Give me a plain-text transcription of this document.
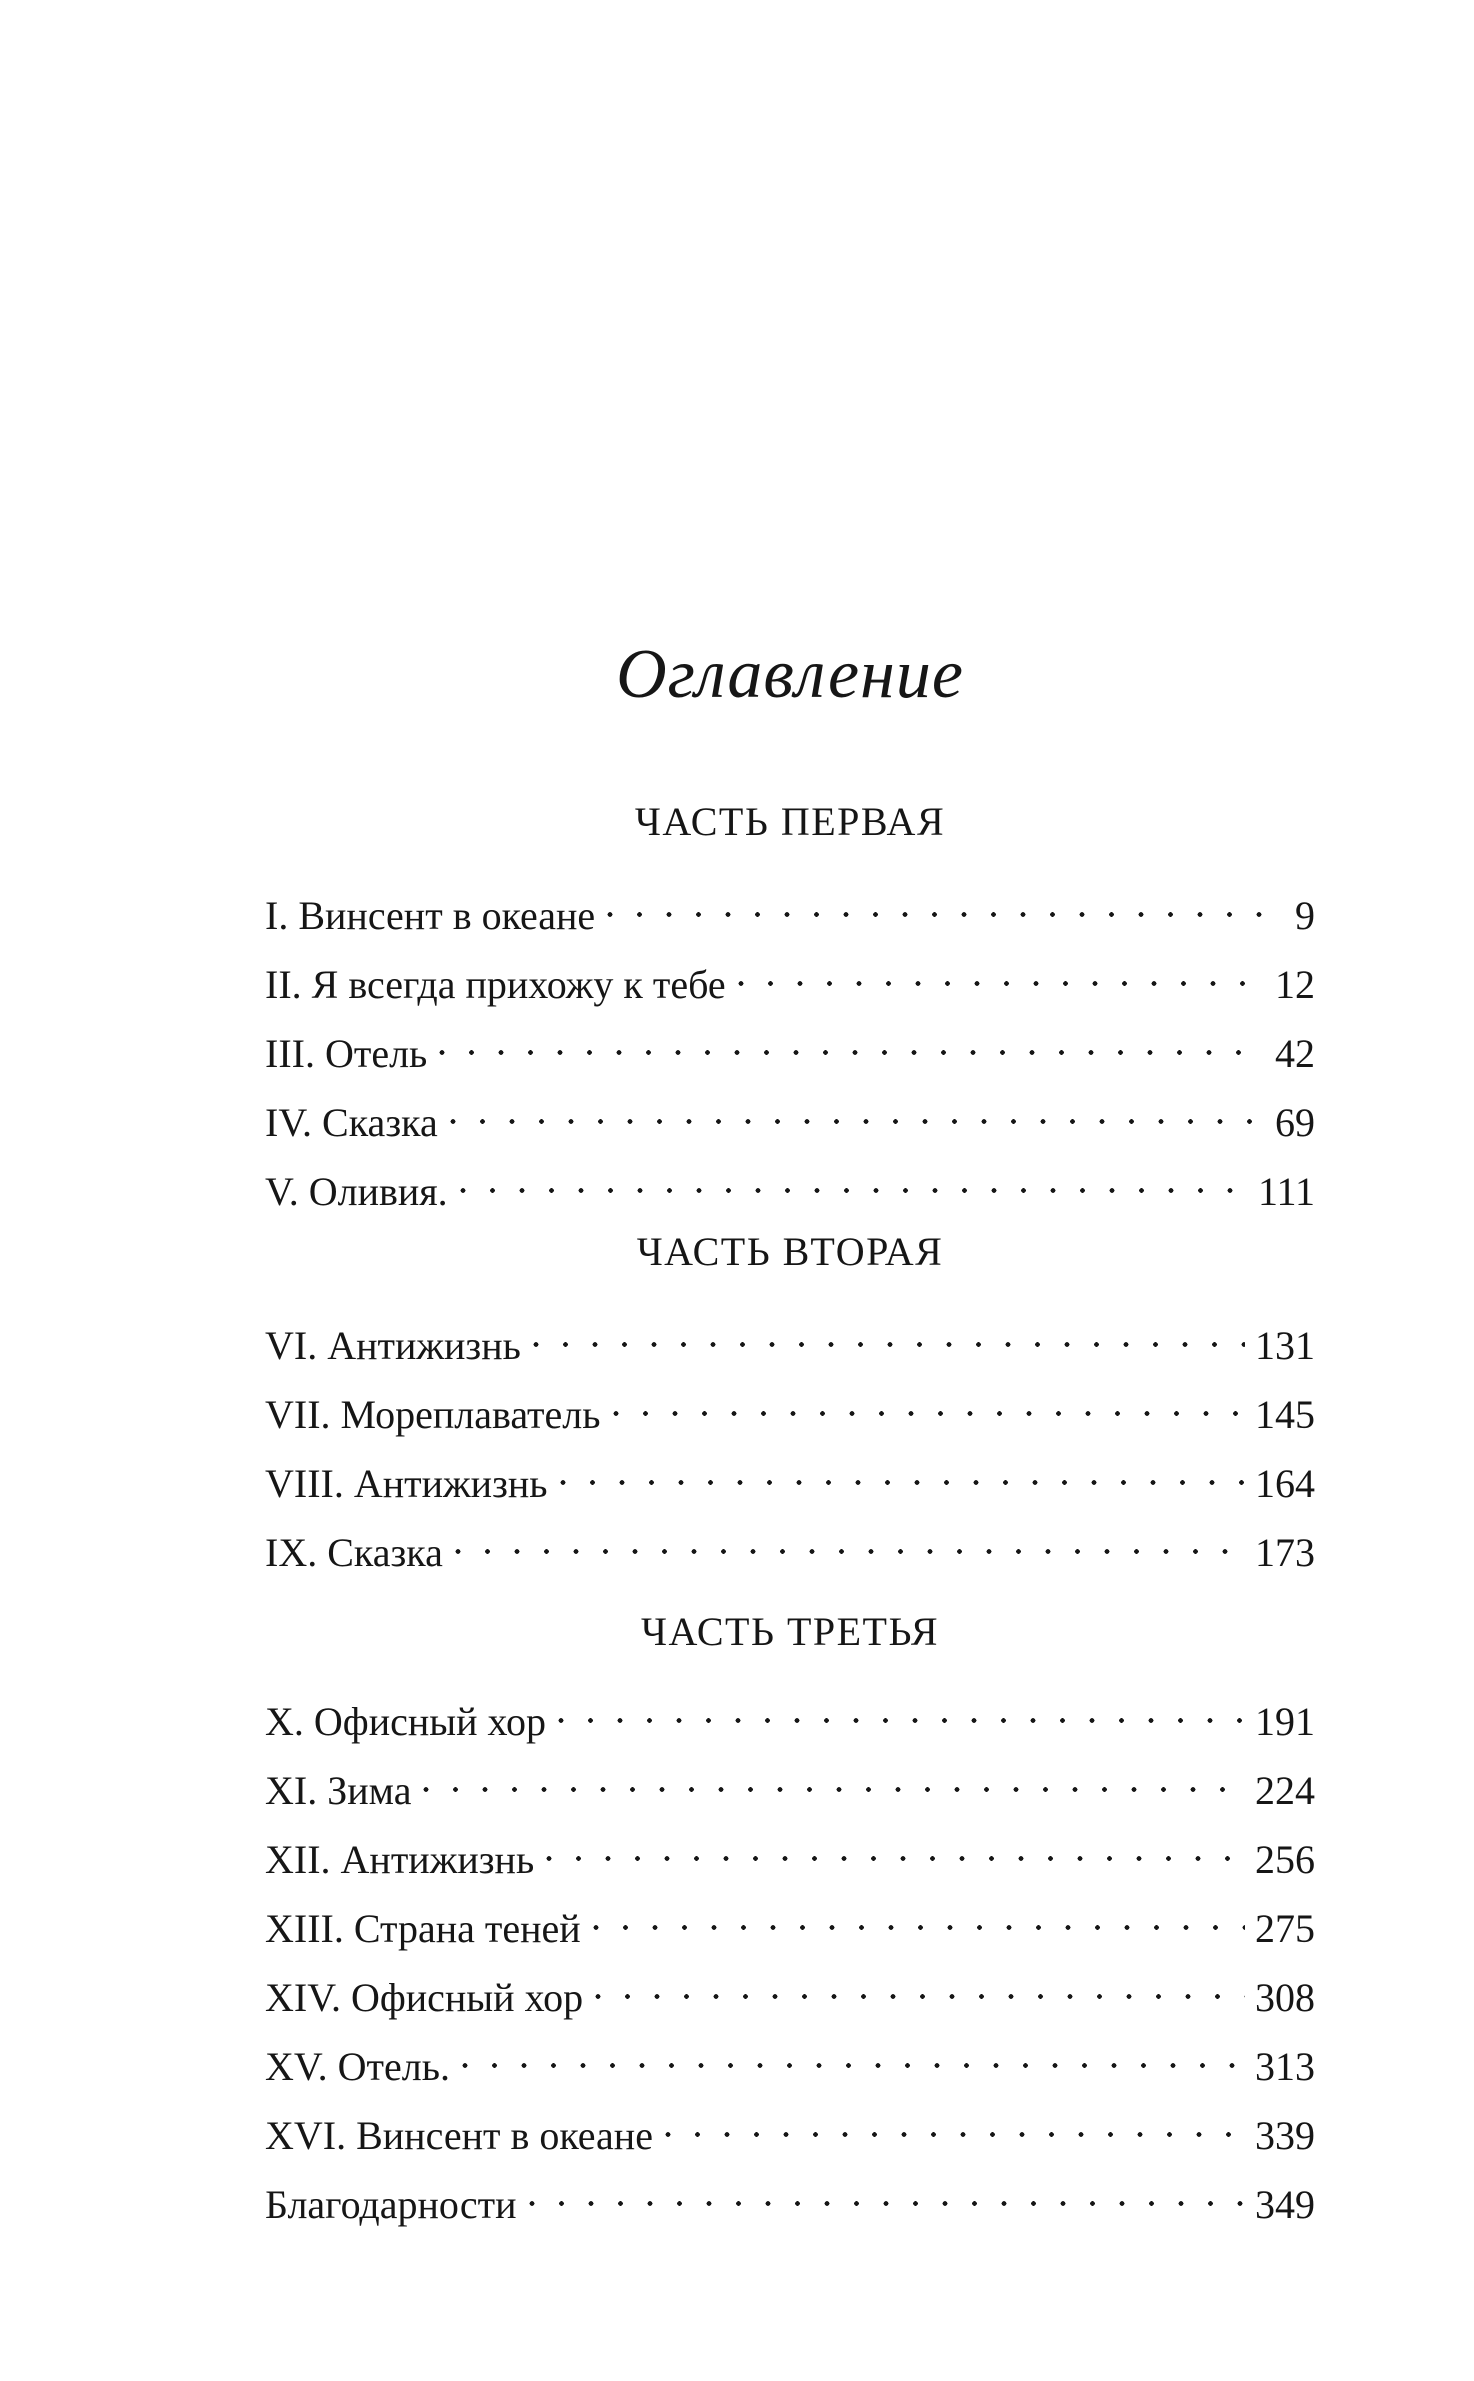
Оглавление
ЧАСТЬ ПЕРВАЯ
I. Винсент в океане	9
II. Я всегда прихожу к тебе	12
III. Отель	42
IV. Сказка	69
V. Оливия.	111
ЧАСТЬ ВТОРАЯ
VI. Антижизнь	131
VII. Мореплаватель	145
VIII. Антижизнь	164
IX. Сказка	173
ЧАСТЬ ТРЕТЬЯ
X. Офисный хор	191
XI. Зима	224
XII. Антижизнь	256
XIII. Страна теней	275
XIV. Офисный хор	308
XV. Отель.	313
XVI. Винсент в океане	339
Благодарности	349
